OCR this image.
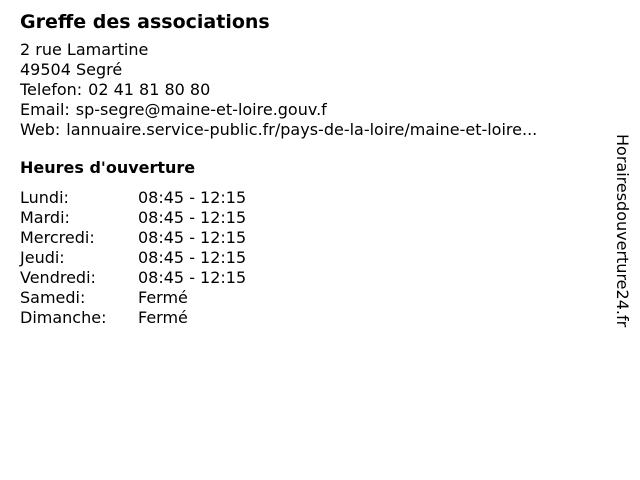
Greffe des associations
2 rue Lamartine
49504 Segré
Telefon: 02 41 81 80 80
Email: sp-segre@maine-et-loire.gouv.f
Web: lannuaire.service-public.fr/pays-de-la-loire/maine-et-loire...
Heures d'ouverture
Lundi:	08:45 - 12:15
Mardi:	08:45 - 12:15
Mercredi:	08:45 - 12:15
Jeudi:	08:45 - 12:15
Vendredi:	08:45 - 12:15
Samedi:	Fermé
Dimanche:	Fermé	Horairesdouverture24.fr
